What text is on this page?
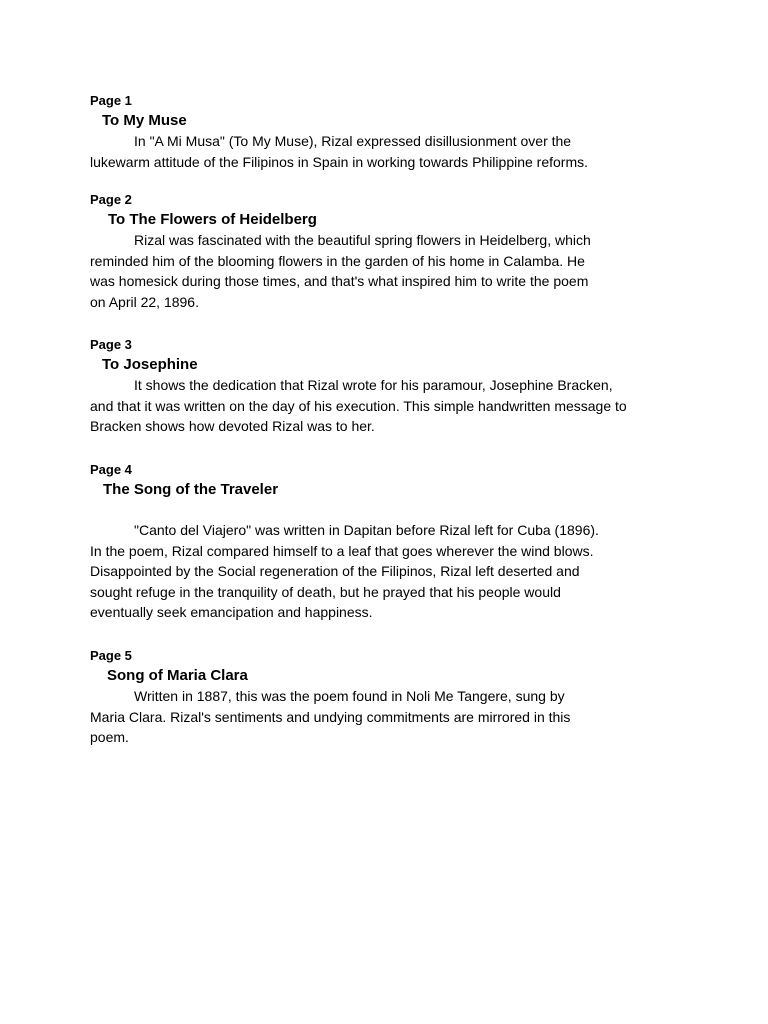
Page 1

To My Muse

In "A Mi Musa" (To My Muse), Rizal expressed disillusionment over the
lukewarm attitude of the Filipinos in Spain in working towards Philippine reforms.

Page 2

To The Flowers of Heidelberg

Rizal was fascinated with the beautiful spring flowers in Heidelberg, which
reminded him of the blooming flowers in the garden of his home in Calamba. He
was homesick during those times, and that's what inspired him to write the poem
on April 22, 1896.

Page 3

To Josephine

It shows the dedication that Rizal wrote for his paramour, Josephine Bracken,
and that it was written on the day of his execution. This simple handwritten message to
Bracken shows how devoted Rizal was to her.

Page 4

The Song of the Traveler

"Canto del Viajero" was written in Dapitan before Rizal left for Cuba (1896).
In the poem, Rizal compared himself to a leaf that goes wherever the wind blows.
Disappointed by the Social regeneration of the Filipinos, Rizal left deserted and
sought refuge in the tranquility of death, but he prayed that his people would
eventually seek emancipation and happiness.

Page 5

Song of Maria Clara

Written in 1887, this was the poem found in Noli Me Tangere, sung by
Maria Clara. Rizal's sentiments and undying commitments are mirrored in this
poem.
